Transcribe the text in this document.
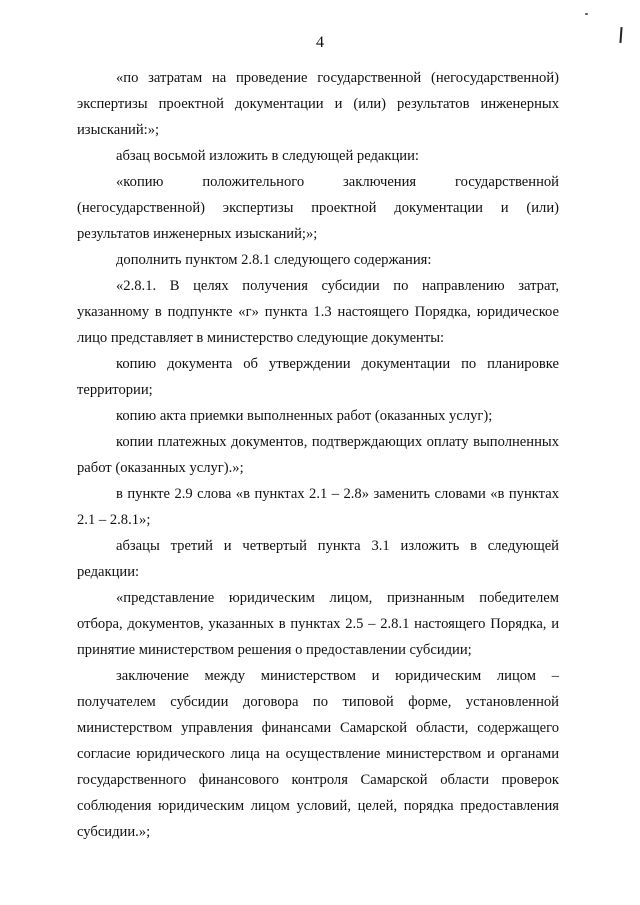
4

«по затратам на проведение государственной (негосударственной) экспертизы проектной документации и (или) результатов инженерных изысканий:»;

абзац восьмой изложить в следующей редакции:

«копию положительного заключения государственной (негосударственной) экспертизы проектной документации и (или) результатов инженерных изысканий;»;

дополнить пунктом 2.8.1 следующего содержания:

«2.8.1. В целях получения субсидии по направлению затрат, указанному в подпункте «г» пункта 1.3 настоящего Порядка, юридическое лицо представляет в министерство следующие документы:

копию документа об утверждении документации по планировке территории;

копию акта приемки выполненных работ (оказанных услуг);

копии платежных документов, подтверждающих оплату выполненных работ (оказанных услуг).»;

в пункте 2.9 слова «в пунктах 2.1 – 2.8» заменить словами «в пунктах 2.1 – 2.8.1»;

абзацы третий и четвертый пункта 3.1 изложить в следующей редакции:

«представление юридическим лицом, признанным победителем отбора, документов, указанных в пунктах 2.5 – 2.8.1 настоящего Порядка, и принятие министерством решения о предоставлении субсидии;

заключение между министерством и юридическим лицом – получателем субсидии договора по типовой форме, установленной министерством управления финансами Самарской области, содержащего согласие юридического лица на осуществление министерством и органами государственного финансового контроля Самарской области проверок соблюдения юридическим лицом условий, целей, порядка предоставления субсидии.»;
